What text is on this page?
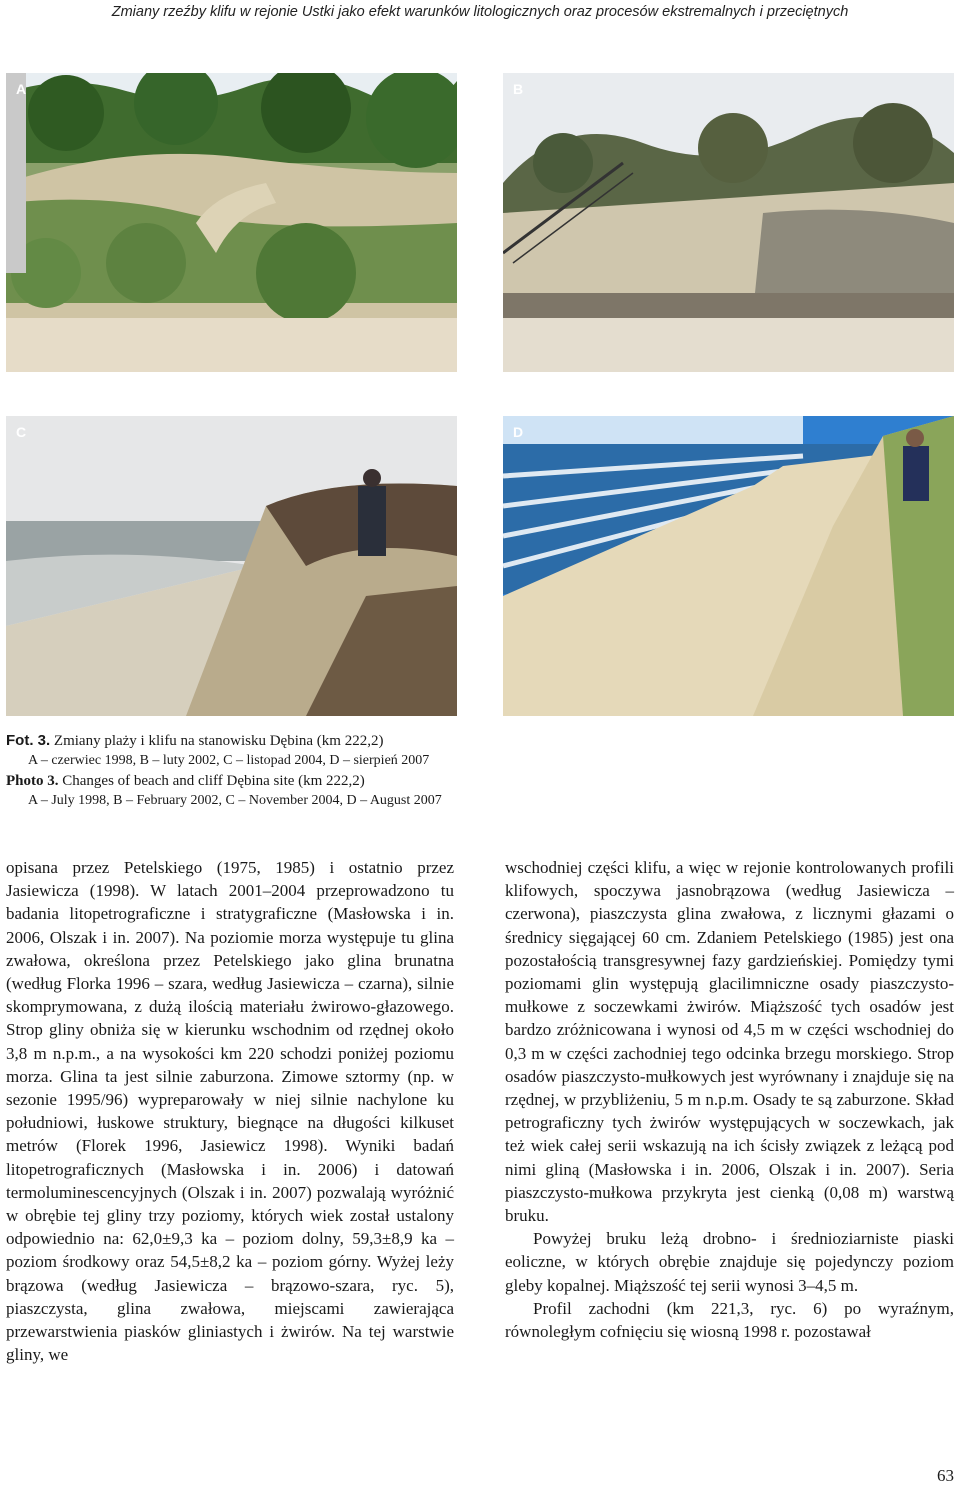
Zmiany rzeźby klifu w rejonie Ustki jako efekt warunków litologicznych oraz procesów ekstremalnych i przeciętnych
A	B
C	D
Fot. 3. Zmiany plaży i klifu na stanowisku Dębina (km 222,2)
A – czerwiec 1998, B – luty 2002, C – listopad 2004, D – sierpień 2007
Photo 3. Changes of beach and cliff Dębina site (km 222,2)
A – July 1998, B – February 2002, C – November 2004, D – August 2007

opisana przez Petelskiego (1975, 1985) i ostatnio przez Jasiewicza (1998). W latach 2001–2004 przeprowadzono tu badania litopetrograficzne i stratygraficzne (Masłowska i in. 2006, Olszak i in. 2007). Na poziomie morza występuje tu glina zwałowa, określona przez Petelskiego jako glina brunatna (według Florka 1996 – szara, według Jasiewicza – czarna), silnie skomprymowana, z dużą ilością materiału żwirowo-głazowego. Strop gliny obniża się w kierunku wschodnim od rzędnej około 3,8 m n.p.m., a na wysokości km 220 schodzi poniżej poziomu morza. Glina ta jest silnie zaburzona. Zimowe sztormy (np. w sezonie 1995/96) wypreparowały w niej silnie nachylone ku południowi, łuskowe struktury, biegnące na długości kilkuset metrów (Florek 1996, Jasiewicz 1998). Wyniki badań litopetrograficznych (Masłowska i in. 2006) i datowań termoluminescencyjnych (Olszak i in. 2007) pozwalają wyróżnić w obrębie tej gliny trzy poziomy, których wiek został ustalony odpowiednio na: 62,0±9,3 ka – poziom dolny, 59,3±8,9 ka – poziom środkowy oraz 54,5±8,2 ka – poziom górny. Wyżej leży brązowa (według Jasiewicza – brązowo-szara, ryc. 5), piaszczysta, glina zwałowa, miejscami zawierająca przewarstwienia piasków gliniastych i żwirów. Na tej warstwie gliny, we

wschodniej części klifu, a więc w rejonie kontrolowanych profili klifowych, spoczywa jasnobrązowa (według Jasiewicza – czerwona), piaszczysta glina zwałowa, z licznymi głazami o średnicy sięgającej 60 cm. Zdaniem Petelskiego (1985) jest ona pozostałością transgresywnej fazy gardzieńskiej. Pomiędzy tymi poziomami glin występują glacilimniczne osady piaszczysto-mułkowe z soczewkami żwirów. Miąższość tych osadów jest bardzo zróżnicowana i wynosi od 4,5 m w części wschodniej do 0,3 m w części zachodniej tego odcinka brzegu morskiego. Strop osadów piaszczysto-mułkowych jest wyrównany i znajduje się na rzędnej, w przybliżeniu, 5 m n.p.m. Osady te są zaburzone. Skład petrograficzny tych żwirów występujących w soczewkach, jak też wiek całej serii wskazują na ich ścisły związek z leżącą pod nimi gliną (Masłowska i in. 2006, Olszak i in. 2007). Seria piaszczysto-mułkowa przykryta jest cienką (0,08 m) warstwą bruku.

Powyżej bruku leżą drobno- i średnioziarniste piaski eoliczne, w których obrębie znajduje się pojedynczy poziom gleby kopalnej. Miąższość tej serii wynosi 3–4,5 m.

Profil zachodni (km 221,3, ryc. 6) po wyraźnym, równoległym cofnięciu się wiosną 1998 r. pozostawał

63
